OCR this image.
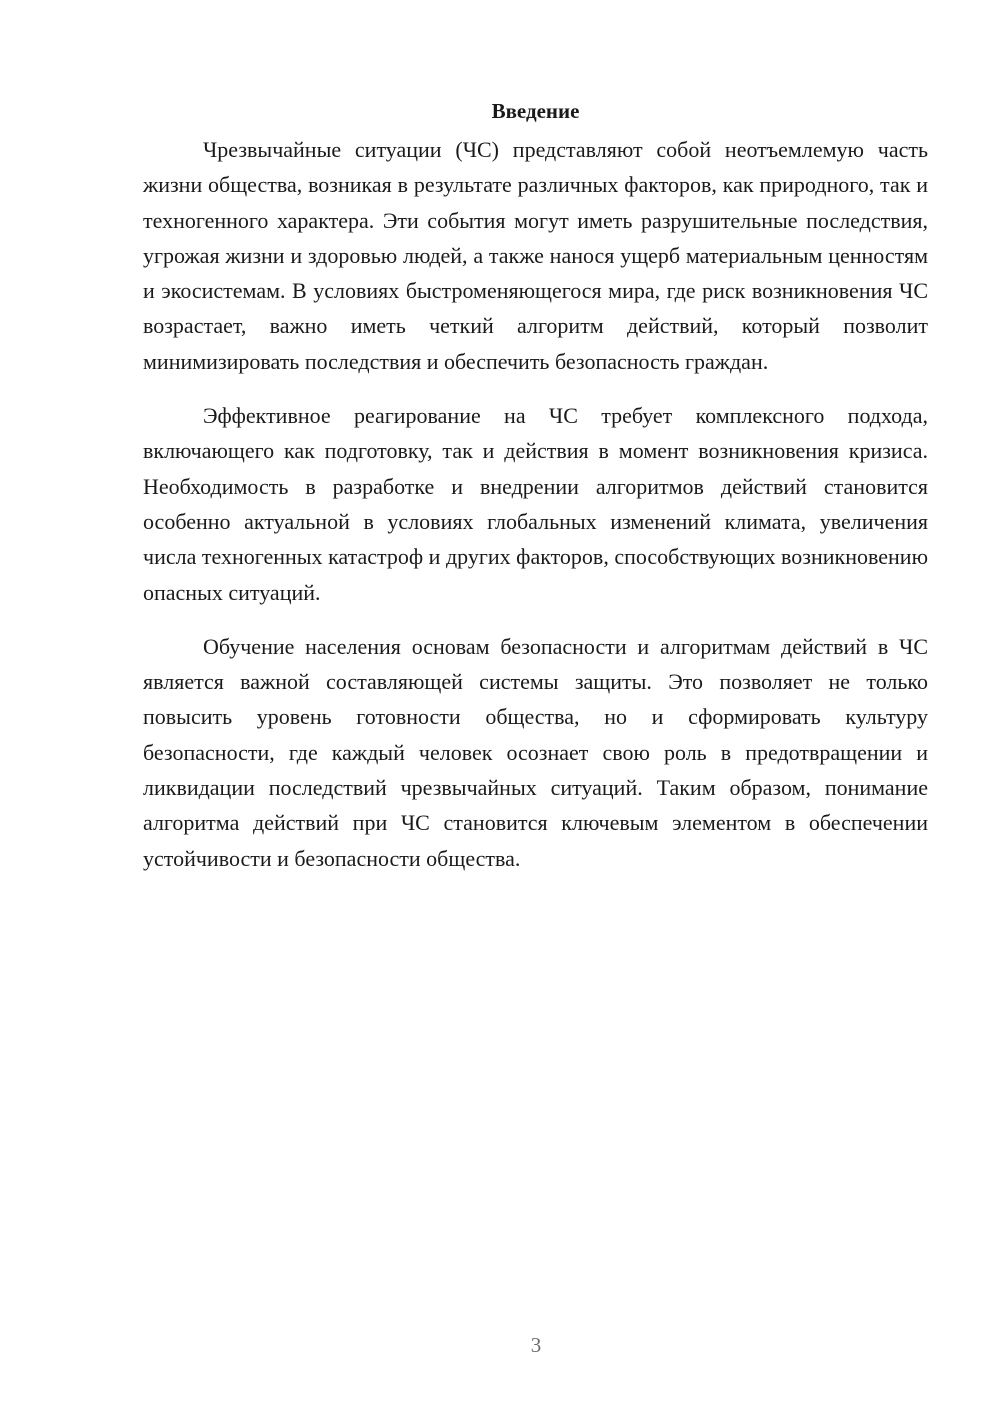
Введение

Чрезвычайные ситуации (ЧС) представляют собой неотъемлемую часть жизни общества, возникая в результате различных факторов, как природного, так и техногенного характера. Эти события могут иметь разрушительные последствия, угрожая жизни и здоровью людей, а также нанося ущерб материальным ценностям и экосистемам. В условиях быстроменяющегося мира, где риск возникновения ЧС возрастает, важно иметь четкий алгоритм действий, который позволит минимизировать последствия и обеспечить безопасность граждан.

Эффективное реагирование на ЧС требует комплексного подхода, включающего как подготовку, так и действия в момент возникновения кризиса. Необходимость в разработке и внедрении алгоритмов действий становится особенно актуальной в условиях глобальных изменений климата, увеличения числа техногенных катастроф и других факторов, способствующих возникновению опасных ситуаций.

Обучение населения основам безопасности и алгоритмам действий в ЧС является важной составляющей системы защиты. Это позволяет не только повысить уровень готовности общества, но и сформировать культуру безопасности, где каждый человек осознает свою роль в предотвращении и ликвидации последствий чрезвычайных ситуаций. Таким образом, понимание алгоритма действий при ЧС становится ключевым элементом в обеспечении устойчивости и безопасности общества.

3
